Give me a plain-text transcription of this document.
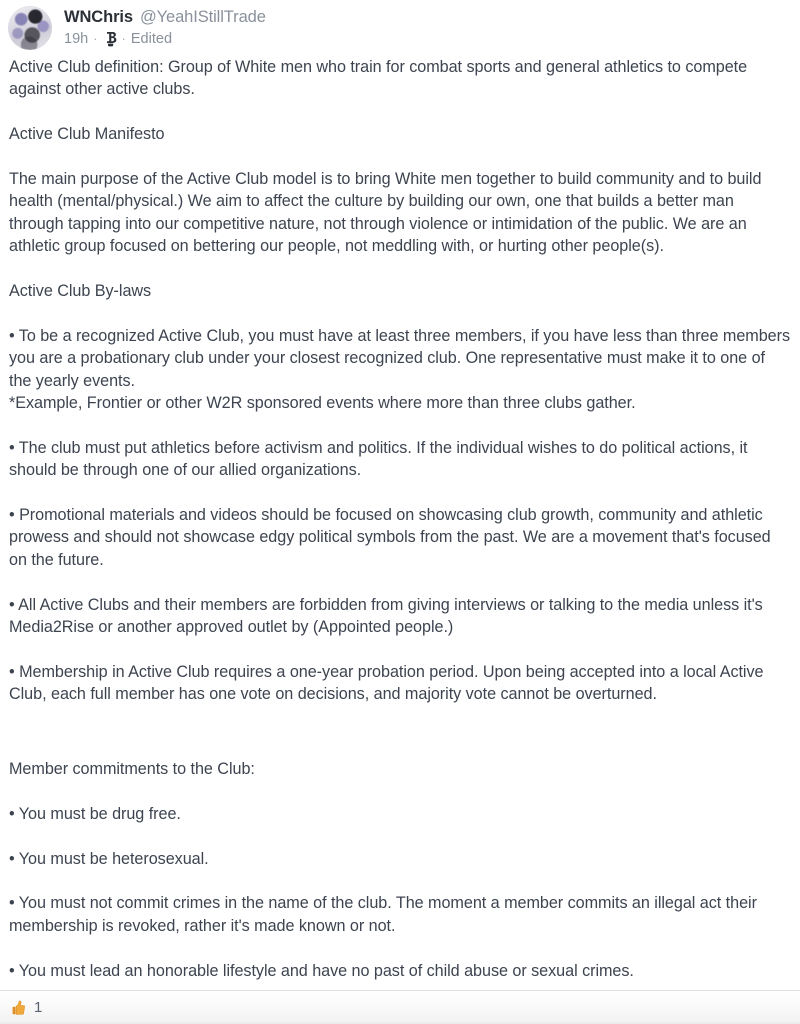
WNChris @YeahIStillTrade
19h · · Edited

Active Club definition: Group of White men who train for combat sports and general athletics to compete against other active clubs.

Active Club Manifesto

The main purpose of the Active Club model is to bring White men together to build community and to build health (mental/physical.) We aim to affect the culture by building our own, one that builds a better man through tapping into our competitive nature, not through violence or intimidation of the public. We are an athletic group focused on bettering our people, not meddling with, or hurting other people(s).

Active Club By-laws

• To be a recognized Active Club, you must have at least three members, if you have less than three members you are a probationary club under your closest recognized club. One representative must make it to one of the yearly events.

*Example, Frontier or other W2R sponsored events where more than three clubs gather.

• The club must put athletics before activism and politics. If the individual wishes to do political actions, it should be through one of our allied organizations.

• Promotional materials and videos should be focused on showcasing club growth, community and athletic prowess and should not showcase edgy political symbols from the past. We are a movement that's focused on the future.

• All Active Clubs and their members are forbidden from giving interviews or talking to the media unless it's Media2Rise or another approved outlet by (Appointed people.)

• Membership in Active Club requires a one-year probation period. Upon being accepted into a local Active Club, each full member has one vote on decisions, and majority vote cannot be overturned.

Member commitments to the Club:

• You must be drug free.

• You must be heterosexual.

• You must not commit crimes in the name of the club. The moment a member commits an illegal act their membership is revoked, rather it's made known or not.

• You must lead an honorable lifestyle and have no past of child abuse or sexual crimes.

1
